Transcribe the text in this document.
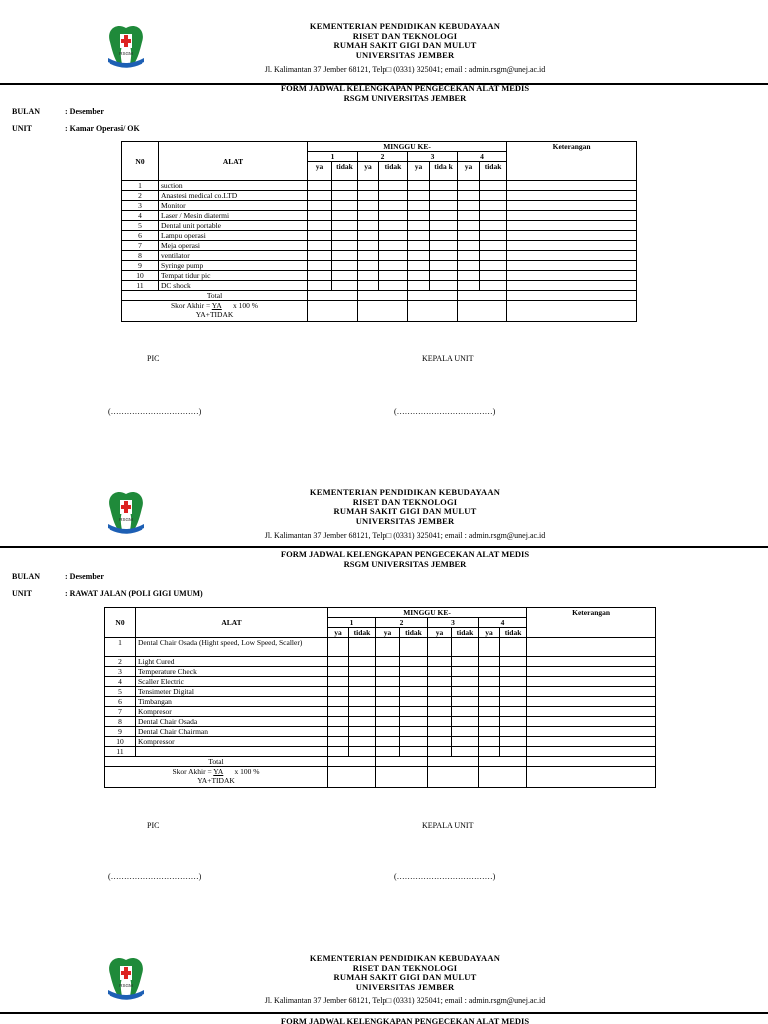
RSGM
KEMENTERIAN PENDIDIKAN KEBUDAYAAN
RISET DAN TEKNOLOGI
RUMAH SAKIT GIGI DAN MULUT
UNIVERSITAS JEMBER
Jl. Kalimantan 37 Jember 68121, Telp□ (0331) 325041; email : admin.rsgm@unej.ac.id
FORM JADWAL KELENGKAPAN PENGECEKAN ALAT MEDIS
RSGM UNIVERSITAS JEMBER
BULAN	: Desember
UNIT	: Kamar Operasi/ OK
N0	ALAT	MINGGU KE-								Keterangan
		1		2		3		4		
		ya	tidak	ya	tidak	ya	tida k	ya	tidak	
1	suction									
2	Anastesi medical co.LTD									
3	Monitor									
4	Laser / Mesin diatermi									
5	Dental unit portable									
6	Lampu operasi									
7	Meja operasi									
8	ventilator									
9	Syringe pump									
10	Tempat tidur pic									
11	DC shock									
Total										

Skor Akhir = YA x 100 %
YA+TIDAK										

PIC	KEPALA UNIT
(……………………………)	(………………………………)
RSGM
KEMENTERIAN PENDIDIKAN KEBUDAYAAN
RISET DAN TEKNOLOGI
RUMAH SAKIT GIGI DAN MULUT
UNIVERSITAS JEMBER
Jl. Kalimantan 37 Jember 68121, Telp□ (0331) 325041; email : admin.rsgm@unej.ac.id
FORM JADWAL KELENGKAPAN PENGECEKAN ALAT MEDIS
RSGM UNIVERSITAS JEMBER
BULAN	: Desember
UNIT	: RAWAT JALAN (POLI GIGI UMUM)
N0	ALAT	MINGGU KE-								Keterangan
		1		2		3		4		
		ya	tidak	ya	tidak	ya	tidak	ya	tidak	
1	Dental Chair Osada (Hight speed, Low Speed, Scaller)									
2	Light Cured									
3	Temperature Check									
4	Scaller Electric									
5	Tensimeter Digital									
6	Timbangan									
7	Kompresor									
8	Dental Chair Osada									
9	Dental Chair Chairman									
10	Kompressor									
11										
Total										

Skor Akhir = YA x 100 %
YA+TIDAK										

PIC	KEPALA UNIT
(……………………………)	(………………………………)
RSGM
KEMENTERIAN PENDIDIKAN KEBUDAYAAN
RISET DAN TEKNOLOGI
RUMAH SAKIT GIGI DAN MULUT
UNIVERSITAS JEMBER
Jl. Kalimantan 37 Jember 68121, Telp□ (0331) 325041; email : admin.rsgm@unej.ac.id
FORM JADWAL KELENGKAPAN PENGECEKAN ALAT MEDIS
